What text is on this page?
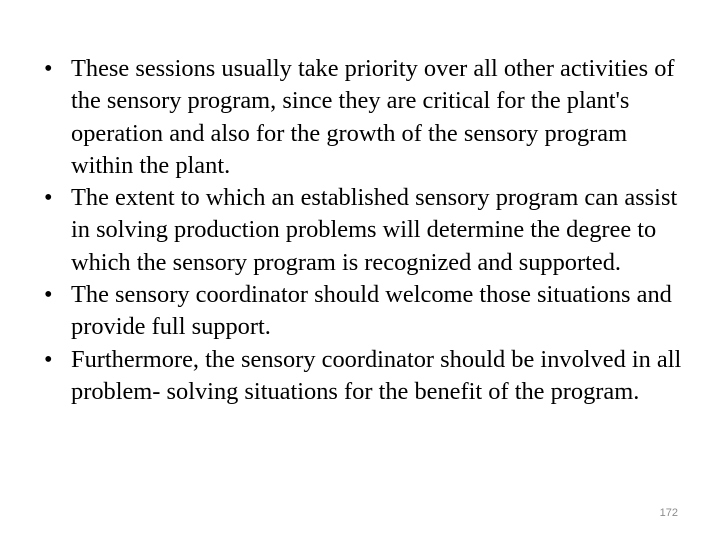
• These sessions usually take priority over all other activities of the sensory program, since they are critical for the plant's operation and also for the growth of the sensory program within the plant.
• The extent to which an established sensory program can assist in solving production problems will determine the degree to which the sensory program is recognized and supported.
• The sensory coordinator should welcome those situations and provide full support.
• Furthermore, the sensory coordinator should be involved in all problem- solving situations for the benefit of the program.
172
